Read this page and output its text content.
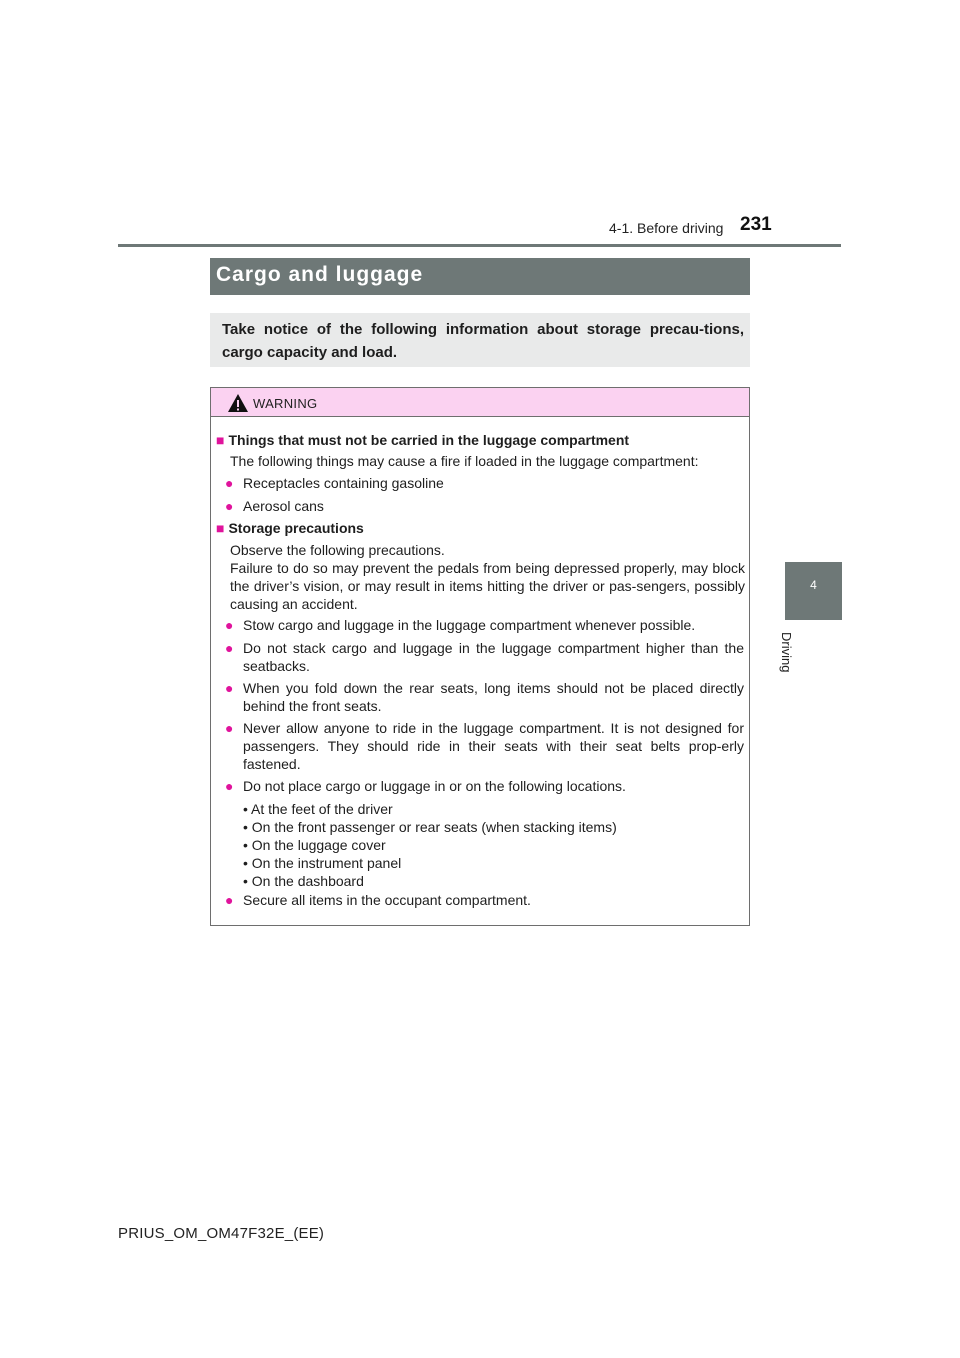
4-1. Before driving 231
4
Driving
Cargo and luggage
Take notice of the following information about storage precau-tions, cargo capacity and load.
WARNING
■ Things that must not be carried in the luggage compartment
The following things may cause a fire if loaded in the luggage compartment:
● Receptacles containing gasoline
● Aerosol cans
■ Storage precautions
Observe the following precautions.
Failure to do so may prevent the pedals from being depressed properly, may block the driver’s vision, or may result in items hitting the driver or pas-sengers, possibly causing an accident.
● Stow cargo and luggage in the luggage compartment whenever possible.
● Do not stack cargo and luggage in the luggage compartment higher than the seatbacks.
● When you fold down the rear seats, long items should not be placed directly behind the front seats.
● Never allow anyone to ride in the luggage compartment. It is not designed for passengers. They should ride in their seats with their seat belts prop-erly fastened.
● Do not place cargo or luggage in or on the following locations.
• At the feet of the driver
• On the front passenger or rear seats (when stacking items)
• On the luggage cover
• On the instrument panel
• On the dashboard
● Secure all items in the occupant compartment.
PRIUS_OM_OM47F32E_(EE)
